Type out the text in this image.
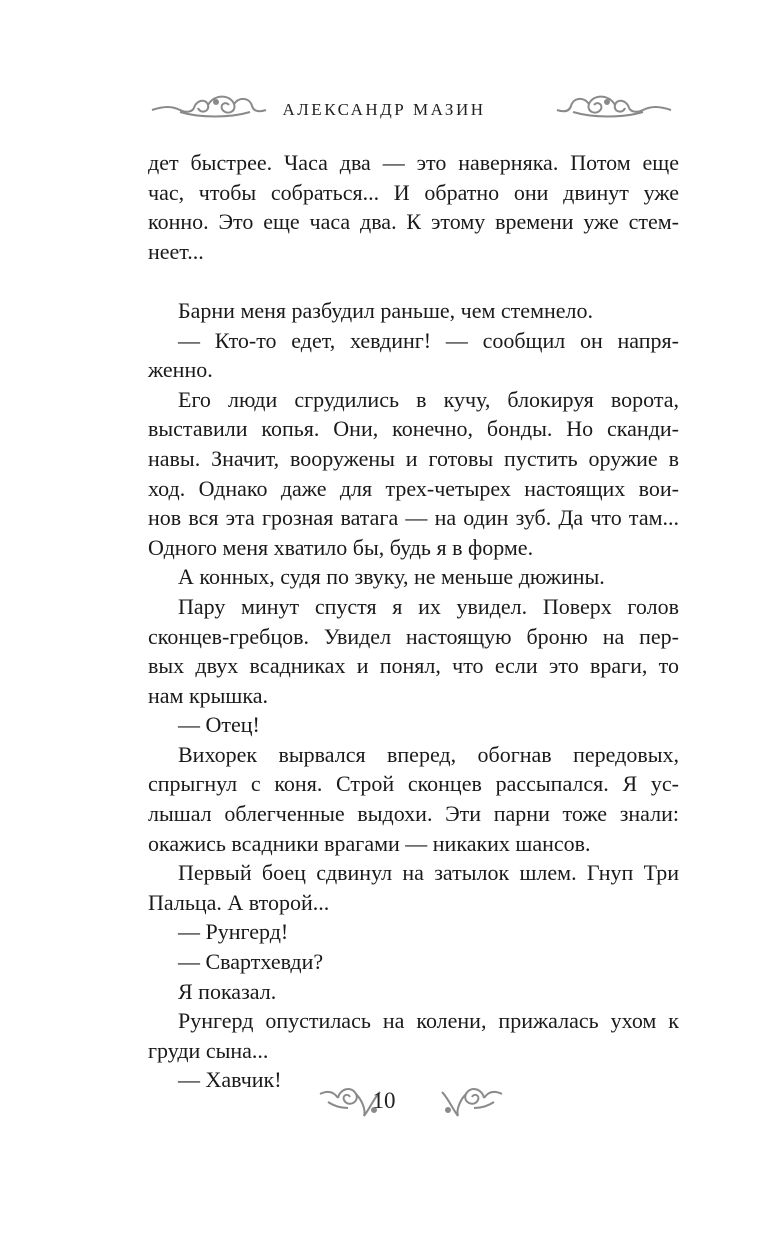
АЛЕКСАНДР МАЗИН

дет быстрее. Часа два — это наверняка. Потом еще

час, чтобы собраться... И обратно они двинут уже

конно. Это еще часа два. К этому времени уже стем-

неет...

Барни меня разбудил раньше, чем стемнело.

— Кто-то едет, хевдинг! — сообщил он напря-

женно.

Его люди сгрудились в кучу, блокируя ворота,

выставили копья. Они, конечно, бонды. Но сканди-

навы. Значит, вооружены и готовы пустить оружие в

ход. Однако даже для трех-четырех настоящих вои-

нов вся эта грозная ватага — на один зуб. Да что там...

Одного меня хватило бы, будь я в форме.

А конных, судя по звуку, не меньше дюжины.

Пару минут спустя я их увидел. Поверх голов

сконцев-гребцов. Увидел настоящую броню на пер-

вых двух всадниках и понял, что если это враги, то

нам крышка.

— Отец!

Вихорек вырвался вперед, обогнав передовых,

спрыгнул с коня. Строй сконцев рассыпался. Я ус-

лышал облегченные выдохи. Эти парни тоже знали:

окажись всадники врагами — никаких шансов.

Первый боец сдвинул на затылок шлем. Гнуп Три

Пальца. А второй...

— Рунгерд!

— Свартхевди?

Я показал.

Рунгерд опустилась на колени, прижалась ухом к

груди сына...

— Хавчик!

10
